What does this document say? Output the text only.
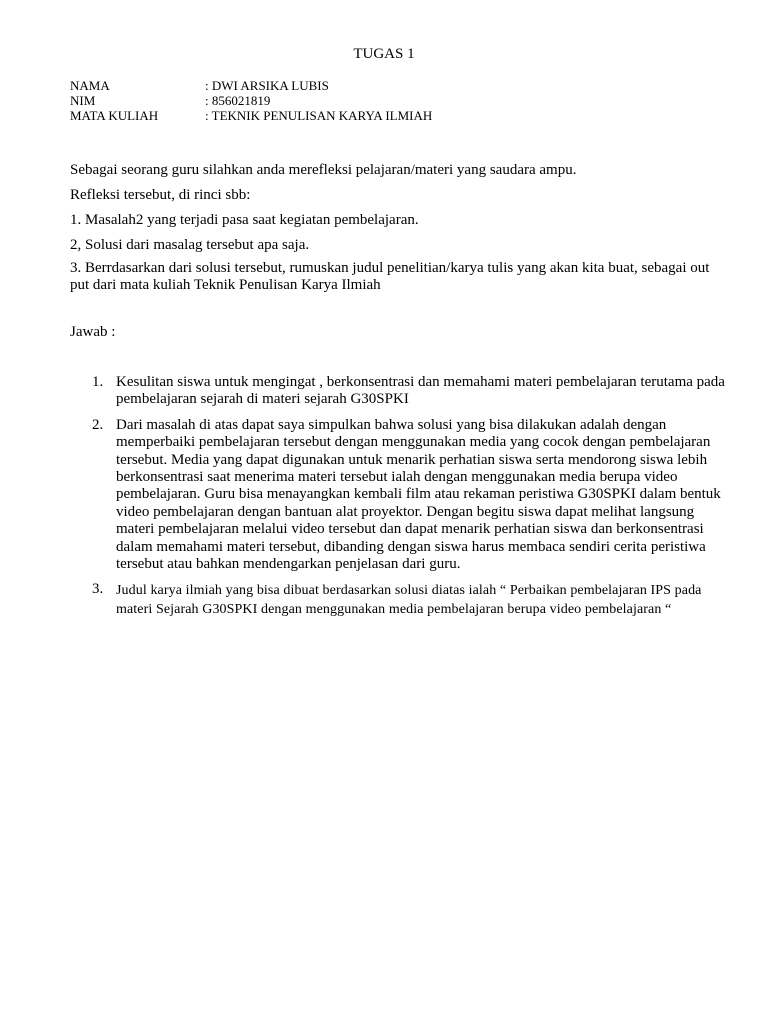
TUGAS 1
NAMA	: DWI ARSIKA LUBIS
NIM	: 856021819
MATA KULIAH	: TEKNIK PENULISAN KARYA ILMIAH

Sebagai seorang guru silahkan anda merefleksi pelajaran/materi yang saudara ampu.

Refleksi tersebut, di rinci sbb:

1. Masalah2 yang terjadi pasa saat kegiatan pembelajaran.

2, Solusi dari masalag tersebut apa saja.

3. Berrdasarkan dari solusi tersebut, rumuskan judul penelitian/karya tulis yang akan kita buat, sebagai out put dari mata kuliah Teknik Penulisan Karya Ilmiah

Jawab :
1. Kesulitan siswa untuk mengingat , berkonsentrasi dan memahami materi pembelajaran terutama pada pembelajaran sejarah di materi sejarah G30SPKI
2. Dari masalah di atas dapat saya simpulkan bahwa solusi yang bisa dilakukan adalah dengan memperbaiki pembelajaran tersebut dengan menggunakan media yang cocok dengan pembelajaran tersebut. Media yang dapat digunakan untuk menarik perhatian siswa serta mendorong siswa lebih berkonsentrasi saat menerima materi tersebut ialah dengan menggunakan media berupa video pembelajaran. Guru bisa menayangkan kembali film atau rekaman peristiwa G30SPKI dalam bentuk video pembelajaran dengan bantuan alat proyektor. Dengan begitu siswa dapat melihat langsung materi pembelajaran melalui video tersebut dan dapat menarik perhatian siswa dan berkonsentrasi dalam memahami materi tersebut, dibanding dengan siswa harus membaca sendiri cerita peristiwa tersebut atau bahkan mendengarkan penjelasan dari guru.
3. Judul karya ilmiah yang bisa dibuat berdasarkan solusi diatas ialah “ Perbaikan pembelajaran IPS pada materi Sejarah G30SPKI dengan menggunakan media pembelajaran berupa video pembelajaran “
